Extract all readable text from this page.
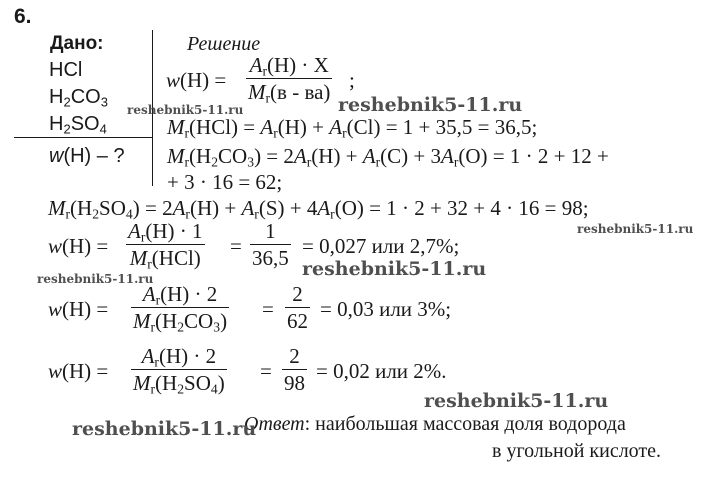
6.
Дано:
HCl
$H_2CO_3$
$H_2SO_4$
w(H) – ?
Решение
w(H) =
$A_r(H) \cdot X$
$M_r(в - ва)$
;
$M_r(HCl) = A_r(H) + A_r(Cl) = 1 + 35,5 = 36,5$;
$M_r(H_2CO_3) = 2A_r(H) + A_r(C) + 3A_r(O) = 1 \cdot 2 + 12$ +
+ 3 · 16 = 62;
$M_r(H_2SO_4) = 2A_r(H) + A_r(S) + 4A_r(O) = 1 \cdot 2 + 32 + 4 \cdot 16 = 98$;
w(H) =
$A_r(H) \cdot 1$
$M_r(HCl)$
=
1
36,5
= 0,027 или 2,7%;
w(H) =
$A_r(H) \cdot 2$
$M_r(H_2CO_3)$
=
2
62
= 0,03 или 3%;
w(H) =
$A_r(H) \cdot 2$
$M_r(H_2SO_4)$
=
2
98
= 0,02 или 2%.
Ответ: наибольшая массовая доля водорода
в угольной кислоте.
reshebnik5-11.ru	reshebnik5-11.ru
reshebnik5-11.ru
reshebnik5-11.ru	reshebnik5-11.ru
reshebnik5-11.ru
reshebnik5-11.ru
